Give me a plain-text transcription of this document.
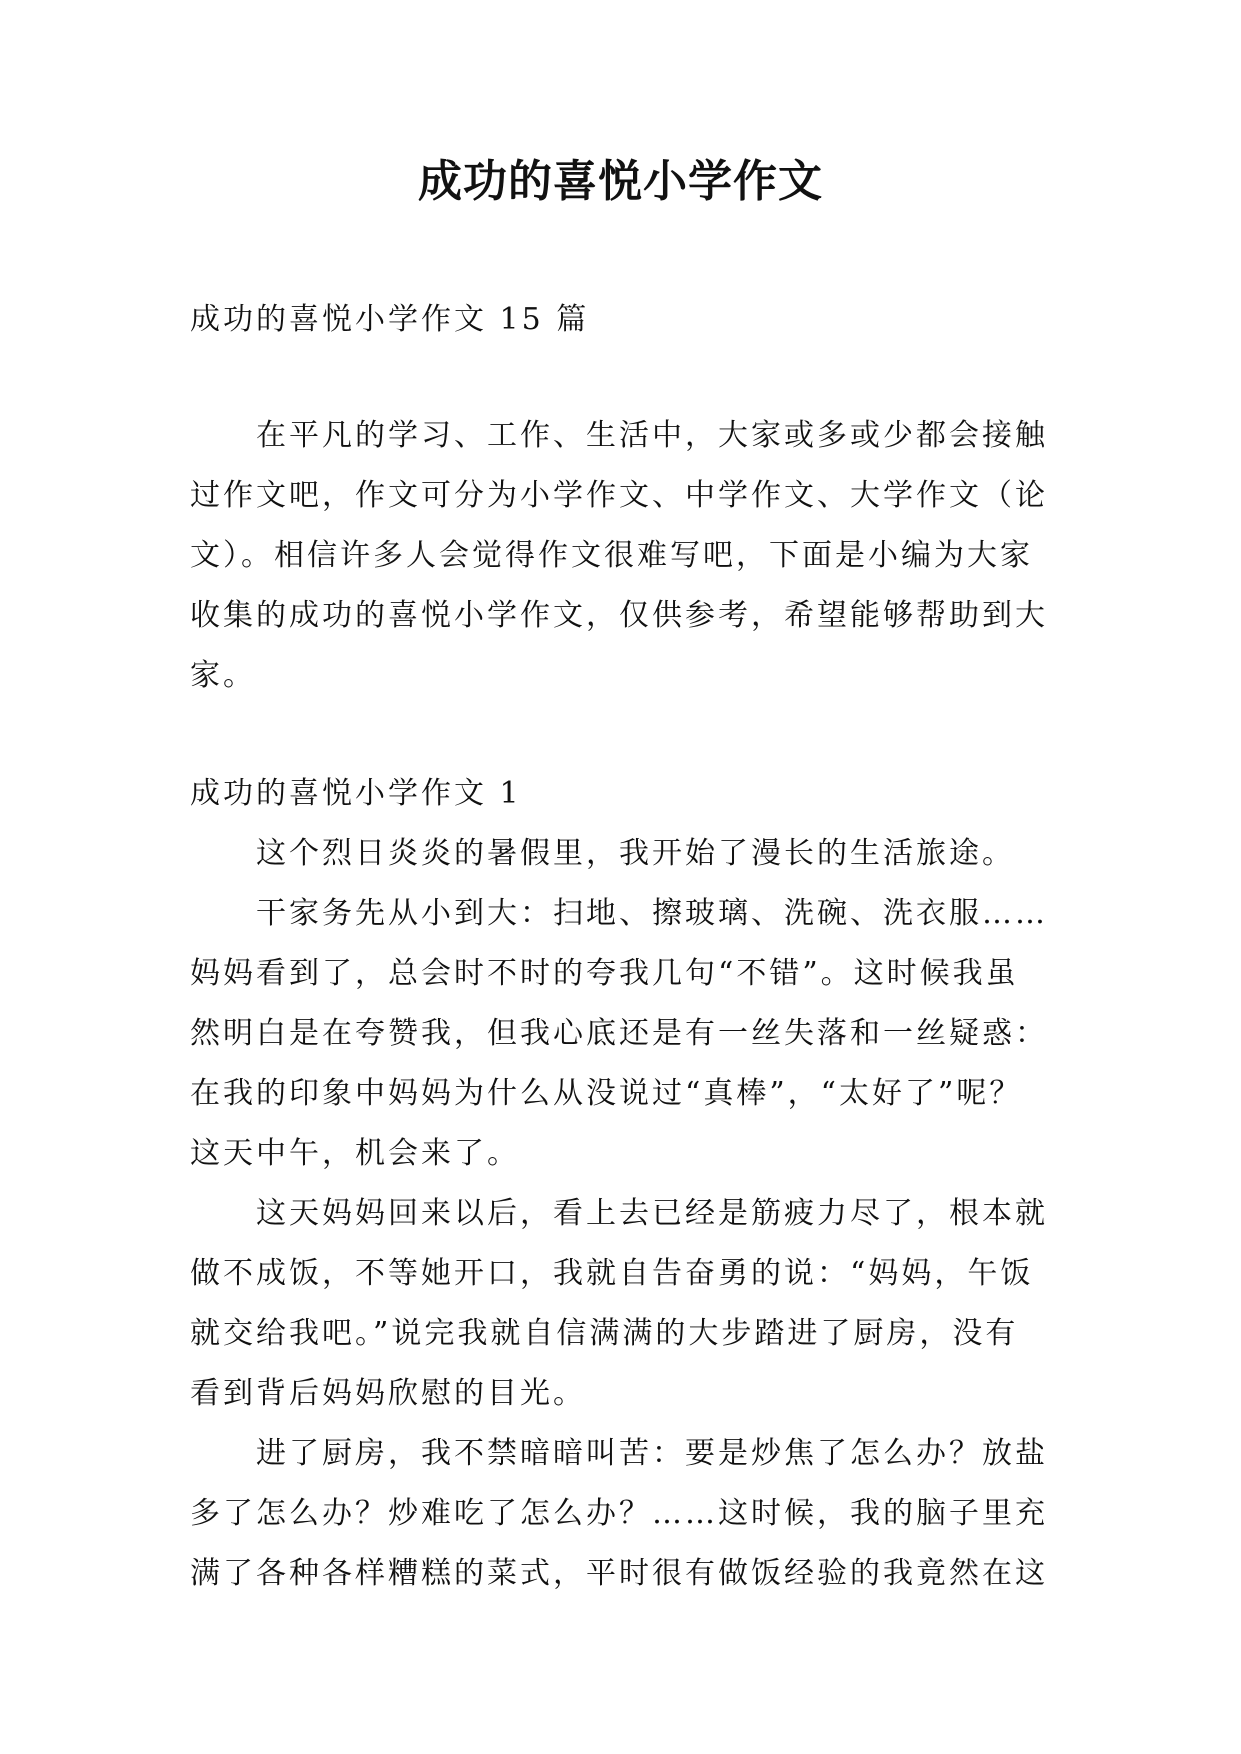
成功的喜悦小学作文
成功的喜悦小学作文 15 篇
　　在平凡的学习、工作、生活中，大家或多或少都会接触
过作文吧，作文可分为小学作文、中学作文、大学作文（论
文）。相信许多人会觉得作文很难写吧，下面是小编为大家
收集的成功的喜悦小学作文，仅供参考，希望能够帮助到大
家。
成功的喜悦小学作文 1
　　这个烈日炎炎的暑假里，我开始了漫长的生活旅途。
　　干家务先从小到大：扫地、擦玻璃、洗碗、洗衣服……
妈妈看到了，总会时不时的夸我几句“不错”。这时候我虽
然明白是在夸赞我，但我心底还是有一丝失落和一丝疑惑：
在我的印象中妈妈为什么从没说过“真棒”，“太好了”呢？
这天中午，机会来了。
　　这天妈妈回来以后，看上去已经是筋疲力尽了，根本就
做不成饭，不等她开口，我就自告奋勇的说：“妈妈，午饭
就交给我吧。”说完我就自信满满的大步踏进了厨房，没有
看到背后妈妈欣慰的目光。
　　进了厨房，我不禁暗暗叫苦：要是炒焦了怎么办？放盐
多了怎么办？炒难吃了怎么办？……这时候，我的脑子里充
满了各种各样糟糕的菜式，平时很有做饭经验的我竟然在这
